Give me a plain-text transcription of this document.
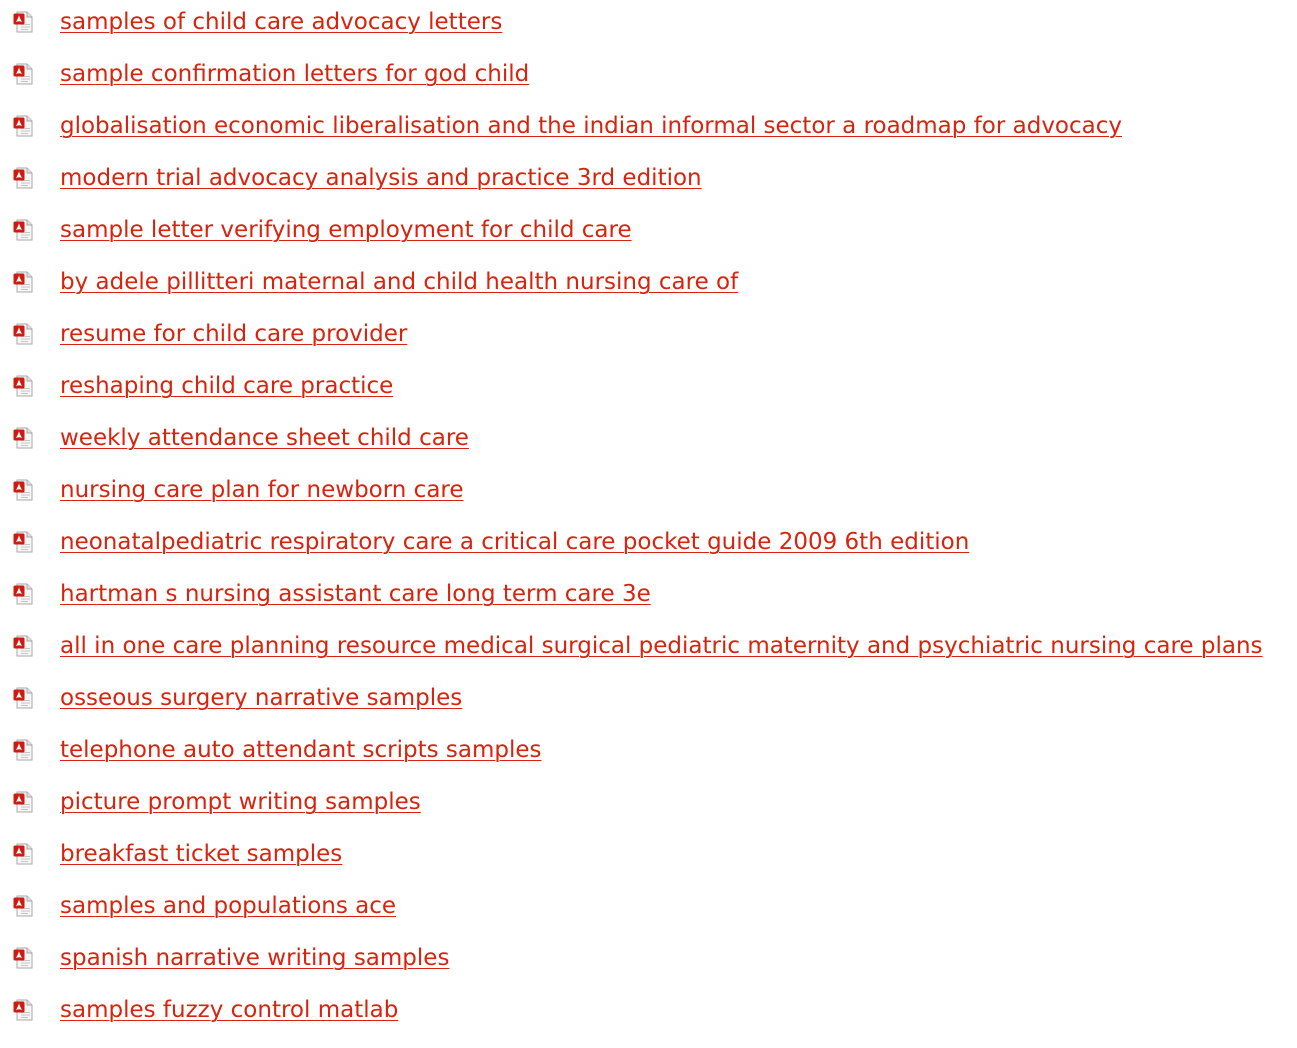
samples of child care advocacy letters
sample confirmation letters for god child
globalisation economic liberalisation and the indian informal sector a roadmap for advocacy
modern trial advocacy analysis and practice 3rd edition
sample letter verifying employment for child care
by adele pillitteri maternal and child health nursing care of
resume for child care provider
reshaping child care practice
weekly attendance sheet child care
nursing care plan for newborn care
neonatalpediatric respiratory care a critical care pocket guide 2009 6th edition
hartman s nursing assistant care long term care 3e
all in one care planning resource medical surgical pediatric maternity and psychiatric nursing care plans
osseous surgery narrative samples
telephone auto attendant scripts samples
picture prompt writing samples
breakfast ticket samples
samples and populations ace
spanish narrative writing samples
samples fuzzy control matlab
